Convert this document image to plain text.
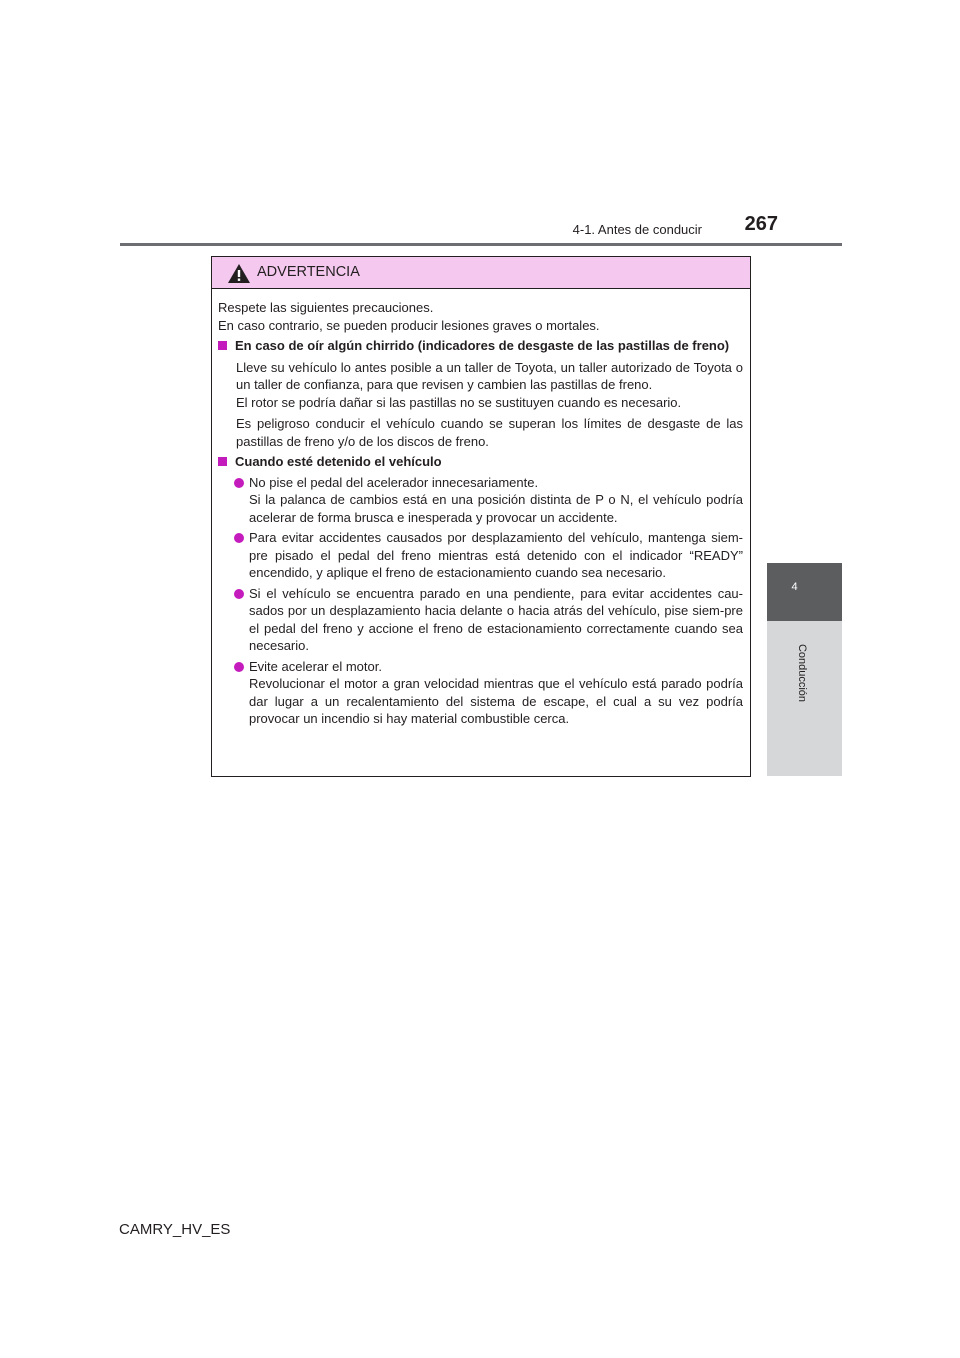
4-1. Antes de conducir	267
4
Conducción
ADVERTENCIA

Respete las siguientes precauciones.

En caso contrario, se pueden producir lesiones graves o mortales.

En caso de oír algún chirrido (indicadores de desgaste de las pastillas de freno)

Lleve su vehículo lo antes posible a un taller de Toyota, un taller autorizado de Toyota o un taller de confianza, para que revisen y cambien las pastillas de freno.

El rotor se podría dañar si las pastillas no se sustituyen cuando es necesario.

Es peligroso conducir el vehículo cuando se superan los límites de desgaste de las pastillas de freno y/o de los discos de freno.

Cuando esté detenido el vehículo

No pise el pedal del acelerador innecesariamente.

Si la palanca de cambios está en una posición distinta de P o N, el vehículo podría acelerar de forma brusca e inesperada y provocar un accidente.

Para evitar accidentes causados por desplazamiento del vehículo, mantenga siem-pre pisado el pedal del freno mientras está detenido con el indicador “READY” encendido, y aplique el freno de estacionamiento cuando sea necesario.

Si el vehículo se encuentra parado en una pendiente, para evitar accidentes cau-sados por un desplazamiento hacia delante o hacia atrás del vehículo, pise siem-pre el pedal del freno y accione el freno de estacionamiento correctamente cuando sea necesario.

Evite acelerar el motor.

Revolucionar el motor a gran velocidad mientras que el vehículo está parado podría dar lugar a un recalentamiento del sistema de escape, el cual a su vez podría provocar un incendio si hay material combustible cerca.

CAMRY_HV_ES
